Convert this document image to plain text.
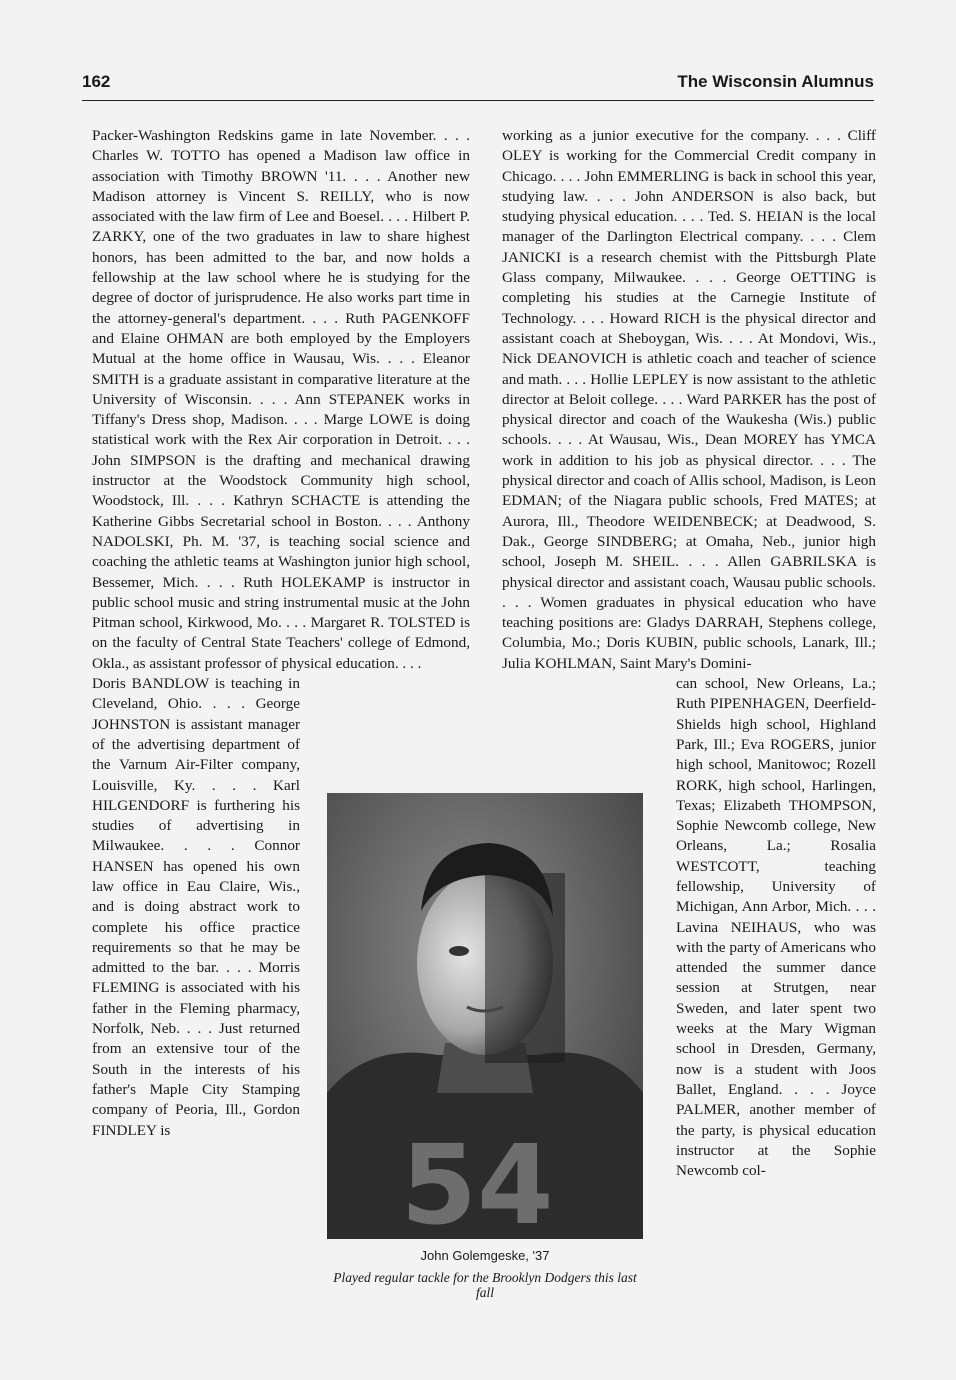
162	The Wisconsin Alumnus

Packer-Washington Redskins game in late November. . . . Charles W. TOTTO has opened a Madison law office in association with Timothy BROWN '11. . . . Another new Madison attorney is Vincent S. REILLY, who is now associated with the law firm of Lee and Boesel. . . . Hilbert P. ZARKY, one of the two graduates in law to share highest honors, has been admitted to the bar, and now holds a fellowship at the law school where he is studying for the degree of doctor of jurisprudence. He also works part time in the attorney-general's department. . . . Ruth PAGENKOFF and Elaine OHMAN are both employed by the Employers Mutual at the home office in Wausau, Wis. . . . Eleanor SMITH is a graduate assistant in comparative literature at the University of Wisconsin. . . . Ann STEPANEK works in Tiffany's Dress shop, Madison. . . . Marge LOWE is doing statistical work with the Rex Air corporation in Detroit. . . . John SIMPSON is the drafting and mechanical drawing instructor at the Woodstock Community high school, Woodstock, Ill. . . . Kathryn SCHACTE is attending the Katherine Gibbs Secretarial school in Boston. . . . Anthony NADOLSKI, Ph. M. '37, is teaching social science and coaching the athletic teams at Washington junior high school, Bessemer, Mich. . . . Ruth HOLEKAMP is instructor in public school music and string instrumental music at the John Pitman school, Kirkwood, Mo. . . . Margaret R. TOLSTED is on the faculty of Central State Teachers' college of Edmond, Okla., as assistant professor of physical education. . . .

Doris BANDLOW is teaching in Cleveland, Ohio. . . . George JOHNSTON is assistant manager of the advertising department of the Varnum Air-Filter company, Louisville, Ky. . . . Karl HILGENDORF is furthering his studies of advertising in Milwaukee. . . . Connor HANSEN has opened his own law office in Eau Claire, Wis., and is doing abstract work to complete his office practice requirements so that he may be admitted to the bar. . . . Morris FLEMING is associated with his father in the Fleming pharmacy, Norfolk, Neb. . . . Just returned from an extensive tour of the South in the interests of his father's Maple City Stamping company of Peoria, Ill., Gordon FINDLEY is

working as a junior executive for the company. . . . Cliff OLEY is working for the Commercial Credit company in Chicago. . . . John EMMERLING is back in school this year, studying law. . . . John ANDERSON is also back, but studying physical education. . . . Ted. S. HEIAN is the local manager of the Darlington Electrical company. . . . Clem JANICKI is a research chemist with the Pittsburgh Plate Glass company, Milwaukee. . . . George OETTING is completing his studies at the Carnegie Institute of Technology. . . . Howard RICH is the physical director and assistant coach at Sheboygan, Wis. . . . At Mondovi, Wis., Nick DEANOVICH is athletic coach and teacher of science and math. . . . Hollie LEPLEY is now assistant to the athletic director at Beloit college. . . . Ward PARKER has the post of physical director and coach of the Waukesha (Wis.) public schools. . . . At Wausau, Wis., Dean MOREY has YMCA work in addition to his job as physical director. . . . The physical director and coach of Allis school, Madison, is Leon EDMAN; of the Niagara public schools, Fred MATES; at Aurora, Ill., Theodore WEIDENBECK; at Deadwood, S. Dak., George SINDBERG; at Omaha, Neb., junior high school, Joseph M. SHEIL. . . . Allen GABRILSKA is physical director and assistant coach, Wausau public schools. . . . Women graduates in physical education who have teaching positions are: Gladys DARRAH, Stephens college, Columbia, Mo.; Doris KUBIN, public schools, Lanark, Ill.; Julia KOHLMAN, Saint Mary's Domini-

can school, New Orleans, La.; Ruth PIPENHAGEN, Deerfield-Shields high school, Highland Park, Ill.; Eva ROGERS, junior high school, Manitowoc; Rozell RORK, high school, Harlingen, Texas; Elizabeth THOMPSON, Sophie Newcomb college, New Orleans, La.; Rosalia WESTCOTT, teaching fellowship, University of Michigan, Ann Arbor, Mich. . . . Lavina NEIHAUS, who was with the party of Americans who attended the summer dance session at Strutgen, near Sweden, and later spent two weeks at the Mary Wigman school in Dresden, Germany, now is a student with Joos Ballet, England. . . . Joyce PALMER, another member of the party, is physical education instructor at the Sophie Newcomb col-

54
John Golemgeske, '37
Played regular tackle for the Brooklyn Dodgers this last fall
